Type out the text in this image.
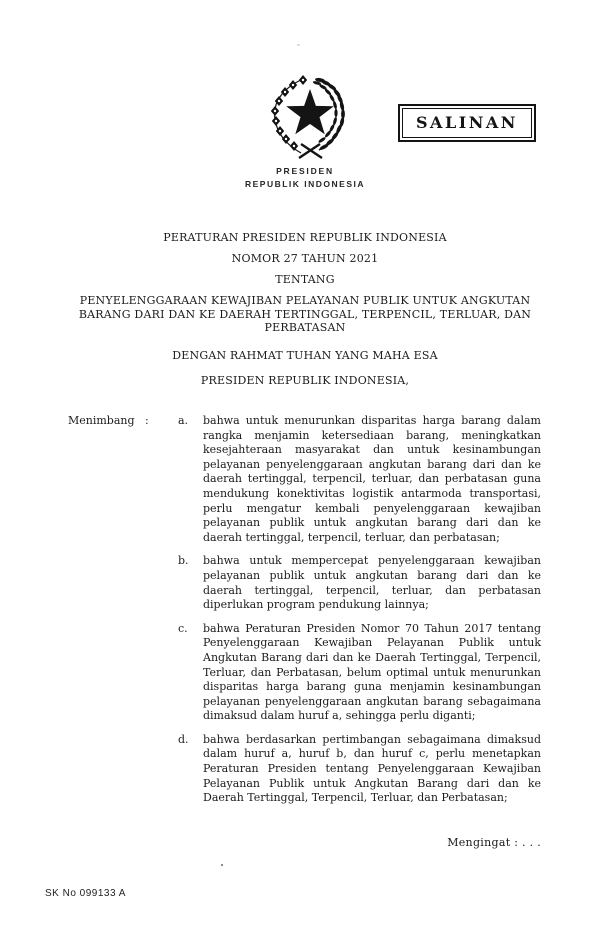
PRESIDEN
REPUBLIK INDONESIA
SALINAN
PERATURAN PRESIDEN REPUBLIK INDONESIA
NOMOR 27 TAHUN 2021
TENTANG
PENYELENGGARAAN KEWAJIBAN PELAYANAN PUBLIK UNTUK ANGKUTAN BARANG DARI DAN KE DAERAH TERTINGGAL, TERPENCIL, TERLUAR, DAN PERBATASAN
DENGAN RAHMAT TUHAN YANG MAHA ESA
PRESIDEN REPUBLIK INDONESIA,
Menimbang :	a.	bahwa untuk menurunkan disparitas harga barang dalam rangka menjamin ketersediaan barang, meningkatkan kesejahteraan masyarakat dan untuk kesinambungan pelayanan penyelenggaraan angkutan barang dari dan ke daerah tertinggal, terpencil, terluar, dan perbatasan guna mendukung konektivitas logistik antarmoda transportasi, perlu mengatur kembali penyelenggaraan kewajiban pelayanan publik untuk angkutan barang dari dan ke daerah tertinggal, terpencil, terluar, dan perbatasan;
b.	bahwa untuk mempercepat penyelenggaraan kewajiban pelayanan publik untuk angkutan barang dari dan ke daerah tertinggal, terpencil, terluar, dan perbatasan diperlukan program pendukung lainnya;
c.	bahwa Peraturan Presiden Nomor 70 Tahun 2017 tentang Penyelenggaraan Kewajiban Pelayanan Publik untuk Angkutan Barang dari dan ke Daerah Tertinggal, Terpencil, Terluar, dan Perbatasan, belum optimal untuk menurunkan disparitas harga barang guna menjamin kesinambungan pelayanan penyelenggaraan angkutan barang sebagaimana dimaksud dalam huruf a, sehingga perlu diganti;
d.	bahwa berdasarkan pertimbangan sebagaimana dimaksud dalam huruf a, huruf b, dan huruf c, perlu menetapkan Peraturan Presiden tentang Penyelenggaraan Kewajiban Pelayanan Publik untuk Angkutan Barang dari dan ke Daerah Tertinggal, Terpencil, Terluar, dan Perbatasan;
Mengingat : . . .
SK No 099133 A
